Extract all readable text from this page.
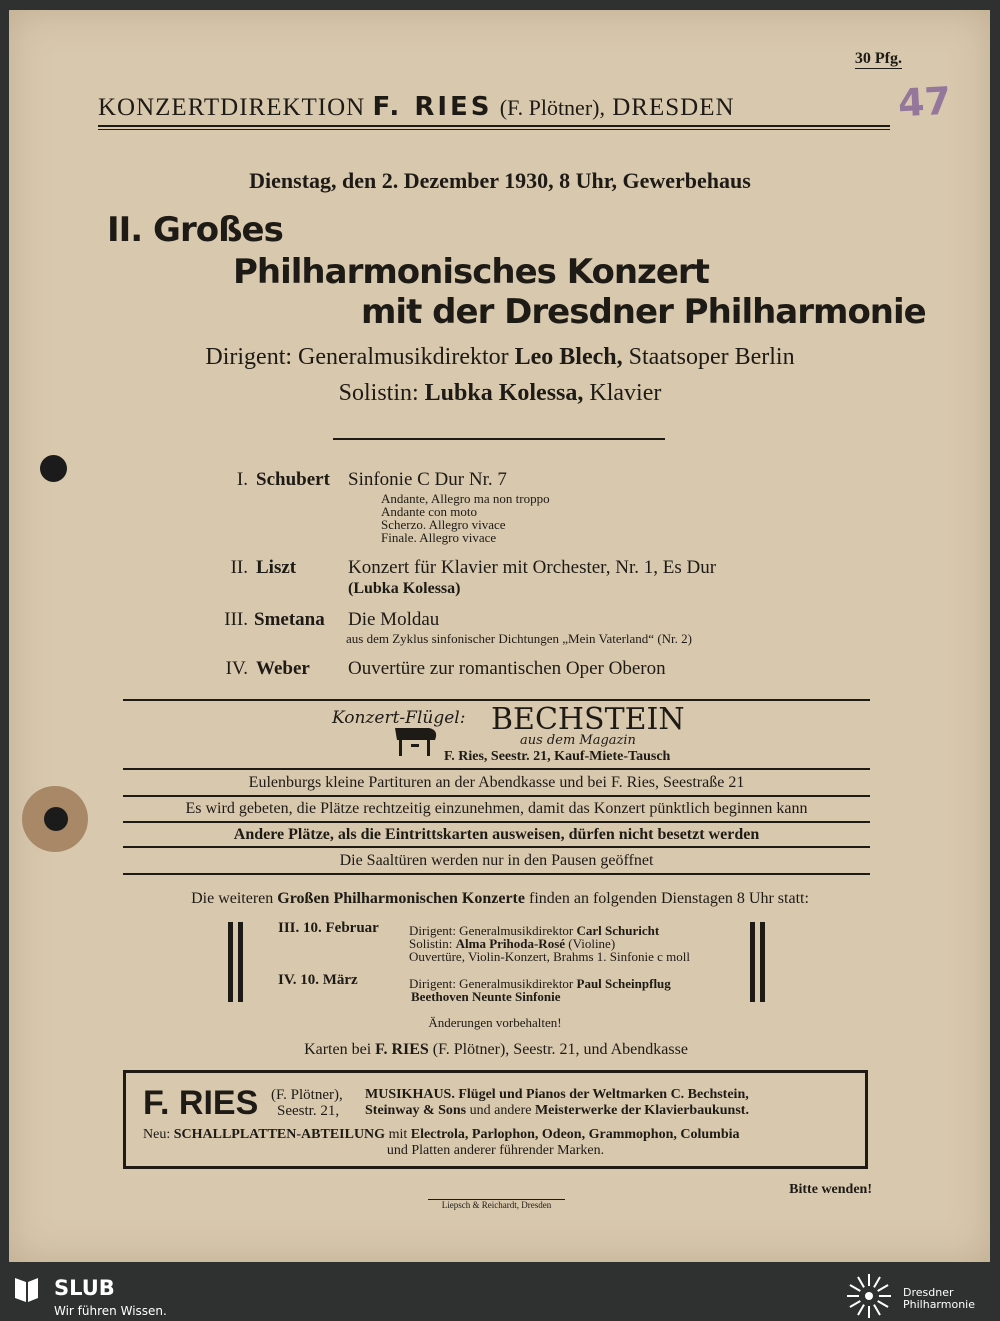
30 Pfg.
KONZERTDIREKTION F. RIES (F. Plötner), DRESDEN	47
Dienstag, den 2. Dezember 1930, 8 Uhr, Gewerbehaus
II. Großes
Philharmonisches Konzert
mit der Dresdner Philharmonie
Dirigent: Generalmusikdirektor Leo Blech, Staatsoper Berlin
Solistin: Lubka Kolessa, Klavier
I. Schubert Sinfonie C Dur Nr. 7
Andante, Allegro ma non troppo
Andante con moto
Scherzo. Allegro vivace
Finale. Allegro vivace
II. Liszt	Konzert für Klavier mit Orchester, Nr. 1, Es Dur
(Lubka Kolessa)
III. Smetana Die Moldau
aus dem Zyklus sinfonischer Dichtungen „Mein Vaterland“ (Nr. 2)
IV. Weber Ouvertüre zur romantischen Oper Oberon
Konzert-Flügel: BECHSTEIN
aus dem Magazin
F. Ries, Seestr. 21, Kauf-Miete-Tausch
Eulenburgs kleine Partituren an der Abendkasse und bei F. Ries, Seestraße 21
Es wird gebeten, die Plätze rechtzeitig einzunehmen, damit das Konzert pünktlich beginnen kann
Andere Plätze, als die Eintrittskarten ausweisen, dürfen nicht besetzt werden
Die Saaltüren werden nur in den Pausen geöffnet
Die weiteren Großen Philharmonischen Konzerte finden an folgenden Dienstagen 8 Uhr statt:
III. 10. Februar Dirigent: Generalmusikdirektor Carl Schuricht
Solistin: Alma Prihoda-Rosé (Violine)
Ouvertüre, Violin-Konzert, Brahms 1. Sinfonie c moll
IV. 10. März	Dirigent: Generalmusikdirektor Paul Scheinpflug
Beethoven Neunte Sinfonie
Änderungen vorbehalten!
Karten bei F. RIES (F. Plötner), Seestr. 21, und Abendkasse
F. RIES (F. Plötner),
Seestr. 21,
MUSIKHAUS. Flügel und Pianos der Weltmarken C. Bechstein,
Steinway & Sons und andere Meisterwerke der Klavierbaukunst.
Neu: SCHALLPLATTEN-ABTEILUNG mit Electrola, Parlophon, Odeon, Grammophon, Columbia
und Platten anderer führender Marken.
Bitte wenden!
Liepsch & Reichardt, Dresden
SLUB
Wir führen Wissen.
Dresdner
Philharmonie
